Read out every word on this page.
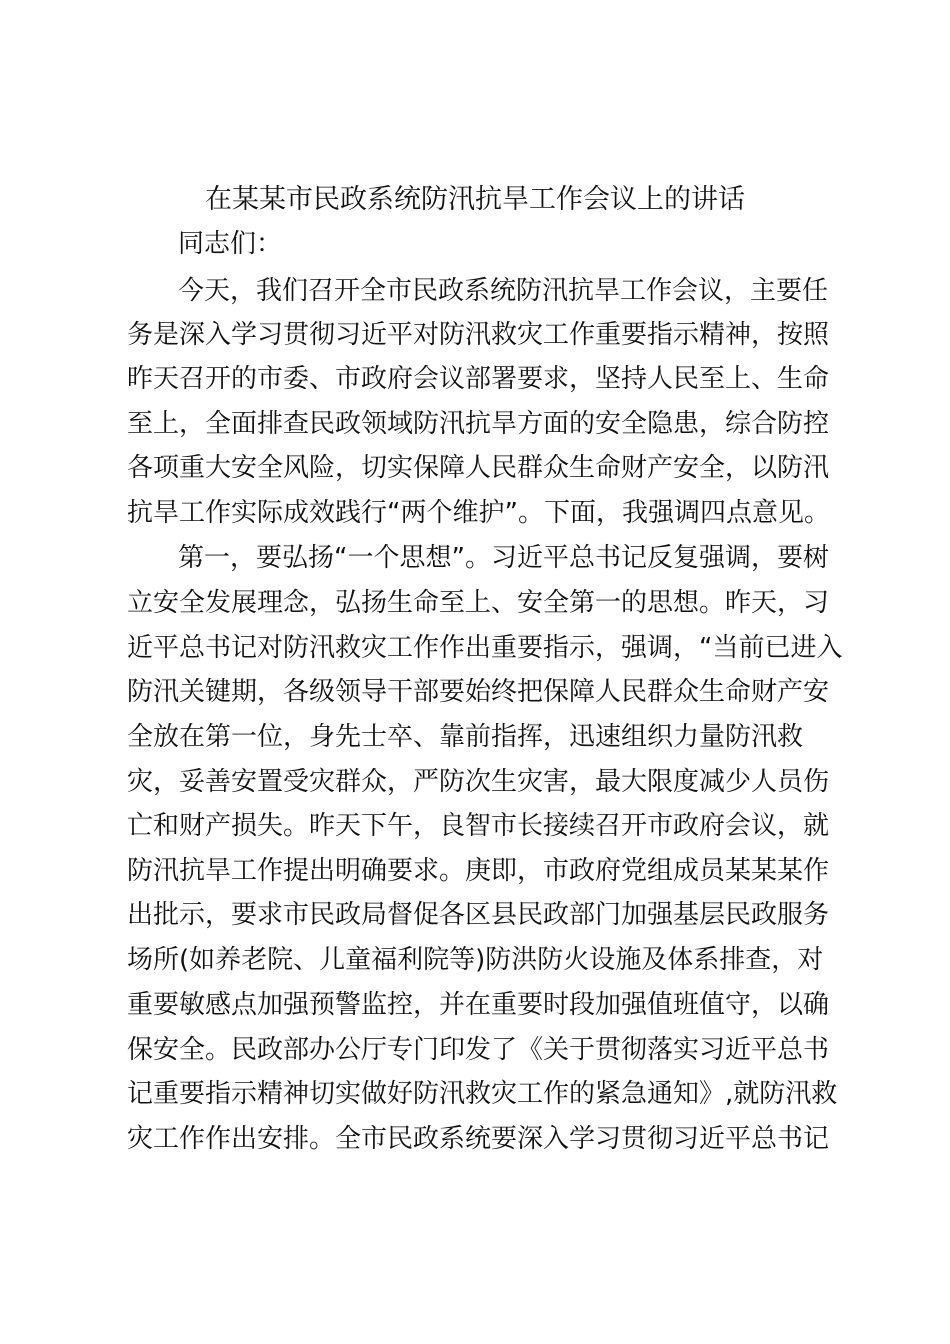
在某某市民政系统防汛抗旱工作会议上的讲话
同志们：
今天，我们召开全市民政系统防汛抗旱工作会议，主要任
务是深入学习贯彻习近平对防汛救灾工作重要指示精神，按照
昨天召开的市委、市政府会议部署要求，坚持人民至上、生命
至上，全面排查民政领域防汛抗旱方面的安全隐患，综合防控
各项重大安全风险，切实保障人民群众生命财产安全，以防汛
抗旱工作实际成效践行“两个维护”。下面，我强调四点意见。
第一，要弘扬“一个思想”。习近平总书记反复强调，要树
立安全发展理念，弘扬生命至上、安全第一的思想。昨天，习
近平总书记对防汛救灾工作作出重要指示，强调，“当前已进入
防汛关键期，各级领导干部要始终把保障人民群众生命财产安
全放在第一位，身先士卒、靠前指挥，迅速组织力量防汛救
灾，妥善安置受灾群众，严防次生灾害，最大限度减少人员伤
亡和财产损失。昨天下午，良智市长接续召开市政府会议，就
防汛抗旱工作提出明确要求。庚即，市政府党组成员某某某作
出批示，要求市民政局督促各区县民政部门加强基层民政服务
场所(如养老院、儿童福利院等)防洪防火设施及体系排查，对
重要敏感点加强预警监控，并在重要时段加强值班值守，以确
保安全。民政部办公厅专门印发了《关于贯彻落实习近平总书
记重要指示精神切实做好防汛救灾工作的紧急通知》,就防汛救
灾工作作出安排。全市民政系统要深入学习贯彻习近平总书记
